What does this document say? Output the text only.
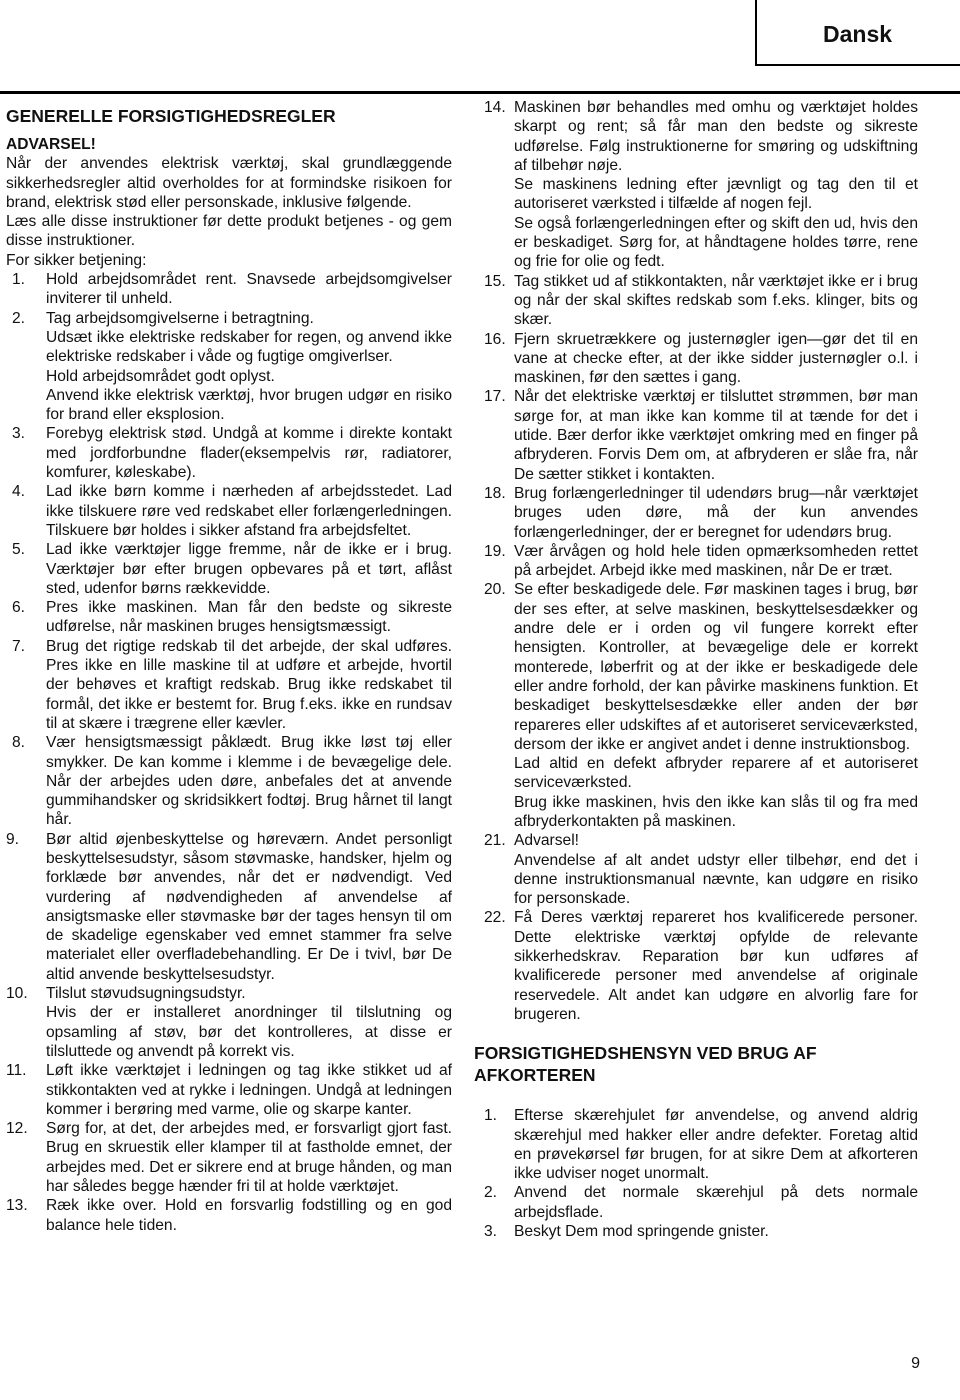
Dansk
GENERELLE FORSIGTIGHEDSREGLER

ADVARSEL!

Når der anvendes elektrisk værktøj, skal grundlæggende sikkerhedsregler altid overholdes for at formindske risikoen for brand, elektrisk stød eller personskade, inklusive følgende.

Læs alle disse instruktioner før dette produkt betjenes - og gem disse instruktioner.

For sikker betjening:

1.	Hold arbejdsområdet rent. Snavsede arbejdsomgivelser inviterer til unheld.
2.	Tag arbejdsomgivelserne i betragtning.
Udsæt ikke elektriske redskaber for regen, og anvend ikke elektriske redskaber i våde og fugtige omgiverlser.
Hold arbejdsområdet godt oplyst.
Anvend ikke elektrisk værktøj, hvor brugen udgør en risiko for brand eller eksplosion.
3.	Forebyg elektrisk stød. Undgå at komme i direkte kontakt med jordforbundne flader(eksempelvis rør, radiatorer, komfurer, køleskabe).
4.	Lad ikke børn komme i nærheden af arbejdsstedet. Lad ikke tilskuere røre ved redskabet eller forlængerledningen. Tilskuere bør holdes i sikker afstand fra arbejdsfeltet.
5.	Lad ikke værktøjer ligge fremme, når de ikke er i brug. Værktøjer bør efter brugen opbevares på et tørt, aflåst sted, udenfor børns rækkevidde.
6.	Pres ikke maskinen. Man får den bedste og sikreste udførelse, når maskinen bruges hensigtsmæssigt.
7.	Brug det rigtige redskab til det arbejde, der skal udføres. Pres ikke en lille maskine til at udføre et arbejde, hvortil der behøves et kraftigt redskab. Brug ikke redskabet til formål, det ikke er bestemt for. Brug f.eks. ikke en rundsav til at skære i trægrene eller kævler.
8.	Vær hensigtsmæssigt påklædt. Brug ikke løst tøj eller smykker. De kan komme i klemme i de bevægelige dele. Når der arbejdes uden døre, anbefales det at anvende gummihandsker og skridsikkert fodtøj. Brug hårnet til langt hår.
9.	Bør altid øjenbeskyttelse og høreværn. Andet personligt beskyttelsesudstyr, såsom støvmaske, handsker, hjelm og forklæde bør anvendes, når det er nødvendigt. Ved vurdering af nødvendigheden af anvendelse af ansigtsmaske eller støvmaske bør der tages hensyn til om de skadelige egenskaber ved emnet stammer fra selve materialet eller overfladebehandling. Er De i tvivl, bør De altid anvende beskyttelsesudstyr.
10.	Tilslut støvudsugningsudstyr.
Hvis der er installeret anordninger til tilslutning og opsamling af støv, bør det kontrolleres, at disse er tilsluttede og anvendt på korrekt vis.
11.	Løft ikke værktøjet i ledningen og tag ikke stikket ud af stikkontakten ved at rykke i ledningen. Undgå at ledningen kommer i berøring med varme, olie og skarpe kanter.
12.	Sørg for, at det, der arbejdes med, er forsvarligt gjort fast. Brug en skruestik eller klamper til at fastholde emnet, der arbejdes med. Det er sikrere end at bruge hånden, og man har således begge hænder fri til at holde værktøjet.
13.	Ræk ikke over. Hold en forsvarlig fodstilling og en god balance hele tiden.
14. Maskinen bør behandles med omhu og værktøjet holdes skarpt og rent; så får man den bedste og sikreste udførelse. Følg instruktionerne for smøring og udskiftning af tilbehør nøje.
Se maskinens ledning efter jævnligt og tag den til et autoriseret værksted i tilfælde af nogen fejl.
Se også forlængerledningen efter og skift den ud, hvis den er beskadiget. Sørg for, at håndtagene holdes tørre, rene og frie for olie og fedt.
15. Tag stikket ud af stikkontakten, når værktøjet ikke er i brug og når der skal skiftes redskab som f.eks. klinger, bits og skær.
16. Fjern skruetrækkere og justernøgler igen—gør det til en vane at checke efter, at der ikke sidder justernøgler o.l. i maskinen, før den sættes i gang.
17. Når det elektriske værktøj er tilsluttet strømmen, bør man sørge for, at man ikke kan komme til at tænde for det i utide. Bær derfor ikke værktøjet omkring med en finger på afbryderen. Forvis Dem om, at afbryderen er slåe fra, når De sætter stikket i kontakten.
18. Brug forlængerledninger til udendørs brug—når værktøjet bruges uden døre, må der kun anvendes forlængerledninger, der er beregnet for udendørs brug.
19. Vær årvågen og hold hele tiden opmærksomheden rettet på arbejdet. Arbejd ikke med maskinen, når De er træt.
20. Se efter beskadigede dele. Før maskinen tages i brug, bør der ses efter, at selve maskinen, beskyttelsesdækker og andre dele er i orden og vil fungere korrekt efter hensigten. Kontroller, at bevægelige dele er korrekt monterede, løberfrit og at der ikke er beskadigede dele eller andre forhold, der kan påvirke maskinens funktion. Et beskadiget beskyttelsesdække eller anden der bør repareres eller udskiftes af et autoriseret serviceværksted, dersom der ikke er angivet andet i denne instruktionsbog.
Lad altid en defekt afbryder reparere af et autoriseret serviceværksted.
Brug ikke maskinen, hvis den ikke kan slås til og fra med afbryderkontakten på maskinen.
21. Advarsel!
Anvendelse af alt andet udstyr eller tilbehør, end det i denne instruktionsmanual nævnte, kan udgøre en risiko for personskade.
22. Få Deres værktøj repareret hos kvalificerede personer. Dette elektriske værktøj opfylde de relevante sikkerhedskrav. Reparation bør kun udføres af kvalificerede personer med anvendelse af originale reservedele. Alt andet kan udgøre en alvorlig fare for brugeren.
FORSIGTIGHEDSHENSYN VED BRUG AF AFKORTEREN
1.	Efterse skærehjulet før anvendelse, og anvend aldrig skærehjul med hakker eller andre defekter. Foretag altid en prøvekørsel før brugen, for at sikre Dem at afkorteren ikke udviser noget unormalt.
2.	Anvend det normale skærehjul på dets normale arbejdsflade.
3.	Beskyt Dem mod springende gnister.
9
